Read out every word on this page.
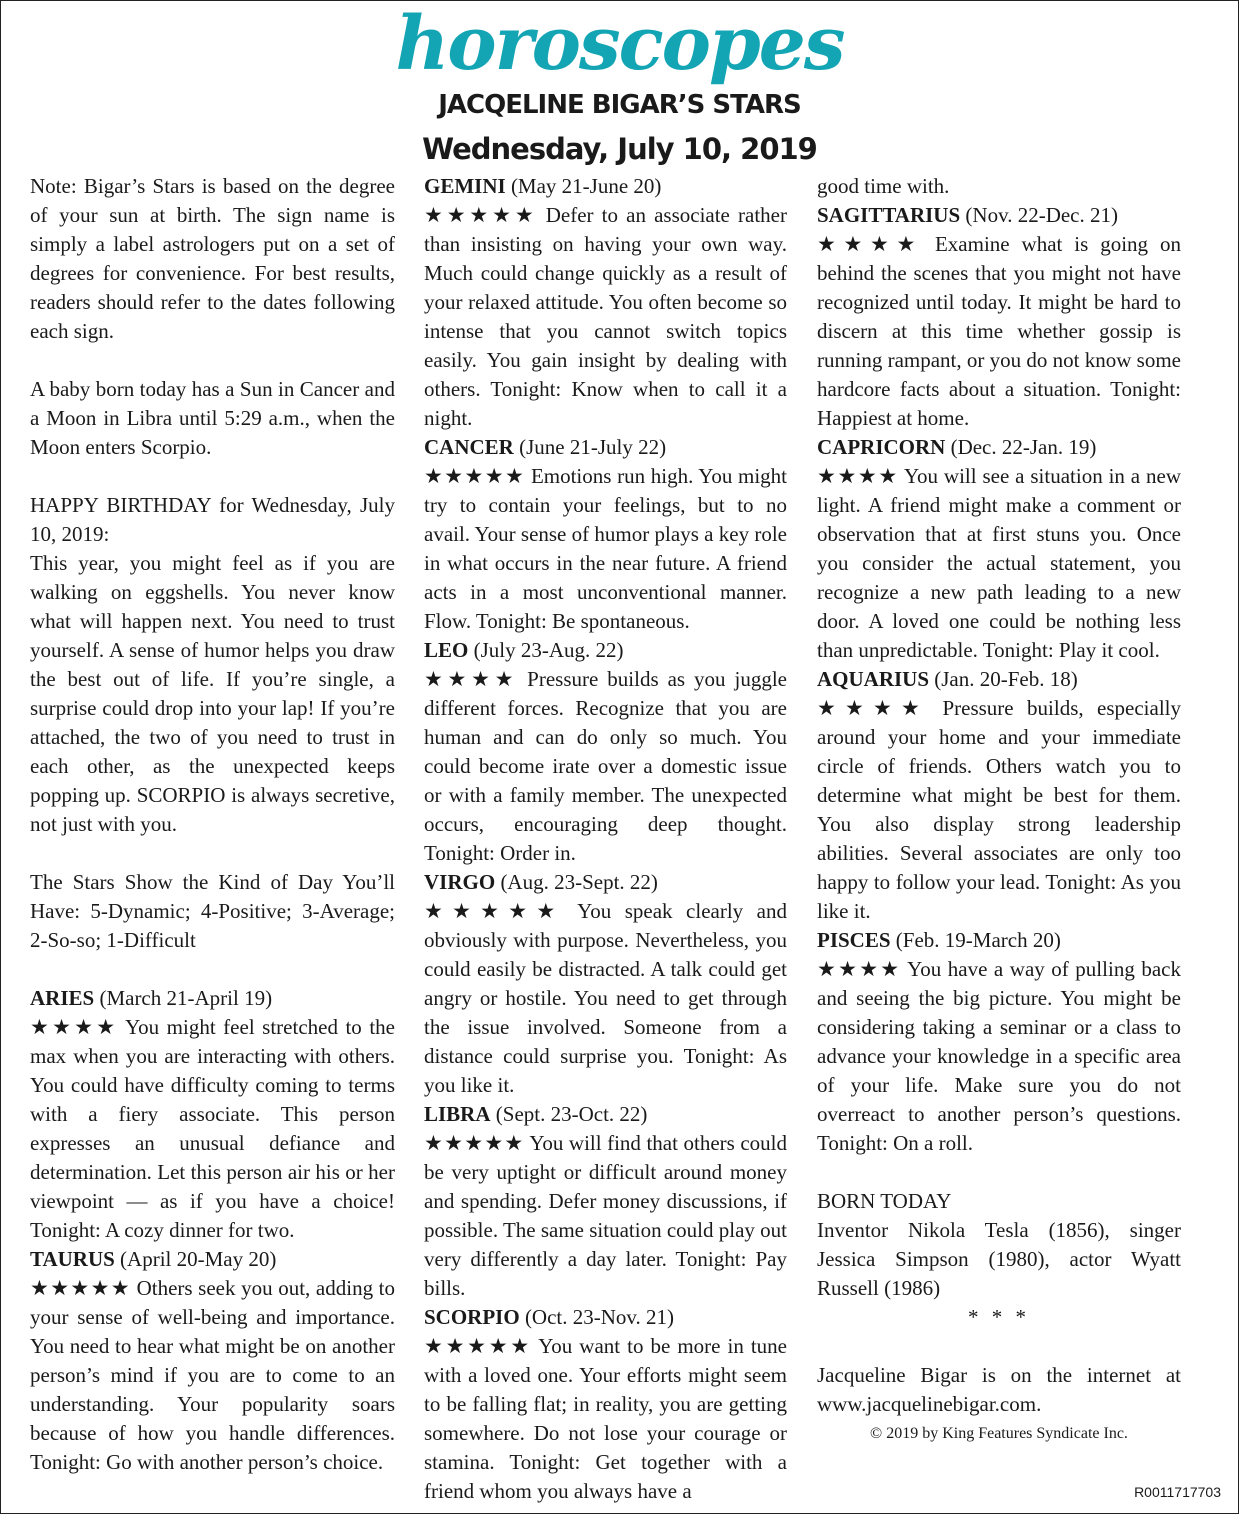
horoscopes
JACQELINE BIGAR’S STARS
Wednesday, July 10, 2019

Note: Bigar’s Stars is based on the degree of your sun at birth. The sign name is simply a label astrologers put on a set of degrees for convenience. For best results, readers should refer to the dates following each sign.

A baby born today has a Sun in Cancer and a Moon in Libra until 5:29 a.m., when the Moon enters Scorpio.

HAPPY BIRTHDAY for Wednesday, July 10, 2019:

This year, you might feel as if you are walking on eggshells. You never know what will happen next. You need to trust yourself. A sense of humor helps you draw the best out of life. If you’re single, a surprise could drop into your lap! If you’re attached, the two of you need to trust in each other, as the unexpected keeps popping up. SCORPIO is always secretive, not just with you.

The Stars Show the Kind of Day You’ll Have: 5-Dynamic; 4-Positive; 3-Average; 2-So-so; 1-Difficult

ARIES (March 21-April 19)

★★★★ You might feel stretched to the max when you are interacting with others. You could have difficulty coming to terms with a fiery associate. This person expresses an unusual defiance and determination. Let this person air his or her viewpoint — as if you have a choice! Tonight: A cozy dinner for two.

TAURUS (April 20-May 20)

★★★★★ Others seek you out, adding to your sense of well-being and importance. You need to hear what might be on another person’s mind if you are to come to an understanding. Your popularity soars because of how you handle differences. Tonight: Go with another person’s choice.

GEMINI (May 21-June 20)

★★★★★ Defer to an associate rather than insisting on having your own way. Much could change quickly as a result of your relaxed attitude. You often become so intense that you cannot switch topics easily. You gain insight by dealing with others. Tonight: Know when to call it a night.

CANCER (June 21-July 22)

★★★★★ Emotions run high. You might try to contain your feelings, but to no avail. Your sense of humor plays a key role in what occurs in the near future. A friend acts in a most unconventional manner. Flow. Tonight: Be spontaneous.

LEO (July 23-Aug. 22)

★★★★ Pressure builds as you juggle different forces. Recognize that you are human and can do only so much. You could become irate over a domestic issue or with a family member. The unexpected occurs, encouraging deep thought. Tonight: Order in.

VIRGO (Aug. 23-Sept. 22)

★★★★★ You speak clearly and obviously with purpose. Nevertheless, you could easily be distracted. A talk could get angry or hostile. You need to get through the issue involved. Someone from a distance could surprise you. Tonight: As you like it.

LIBRA (Sept. 23-Oct. 22)

★★★★★ You will find that others could be very uptight or difficult around money and spending. Defer money discussions, if possible. The same situation could play out very differently a day later. Tonight: Pay bills.

SCORPIO (Oct. 23-Nov. 21)

★★★★★ You want to be more in tune with a loved one. Your efforts might seem to be falling flat; in reality, you are getting somewhere. Do not lose your courage or stamina. Tonight: Get together with a friend whom you always have a

good time with.

SAGITTARIUS (Nov. 22-Dec. 21)

★★★★ Examine what is going on behind the scenes that you might not have recognized until today. It might be hard to discern at this time whether gossip is running rampant, or you do not know some hardcore facts about a situation. Tonight: Happiest at home.

CAPRICORN (Dec. 22-Jan. 19)

★★★★ You will see a situation in a new light. A friend might make a comment or observation that at first stuns you. Once you consider the actual statement, you recognize a new path leading to a new door. A loved one could be nothing less than unpredictable. Tonight: Play it cool.

AQUARIUS (Jan. 20-Feb. 18)

★★★★ Pressure builds, especially around your home and your immediate circle of friends. Others watch you to determine what might be best for them. You also display strong leadership abilities. Several associates are only too happy to follow your lead. Tonight: As you like it.

PISCES (Feb. 19-March 20)

★★★★ You have a way of pulling back and seeing the big picture. You might be considering taking a seminar or a class to advance your knowledge in a specific area of your life. Make sure you do not overreact to another person’s questions. Tonight: On a roll.

BORN TODAY

Inventor Nikola Tesla (1856), singer Jessica Simpson (1980), actor Wyatt Russell (1986)

* * *

Jacqueline Bigar is on the internet at www.jacquelinebigar.com.

© 2019 by King Features Syndicate Inc.

R0011717703
